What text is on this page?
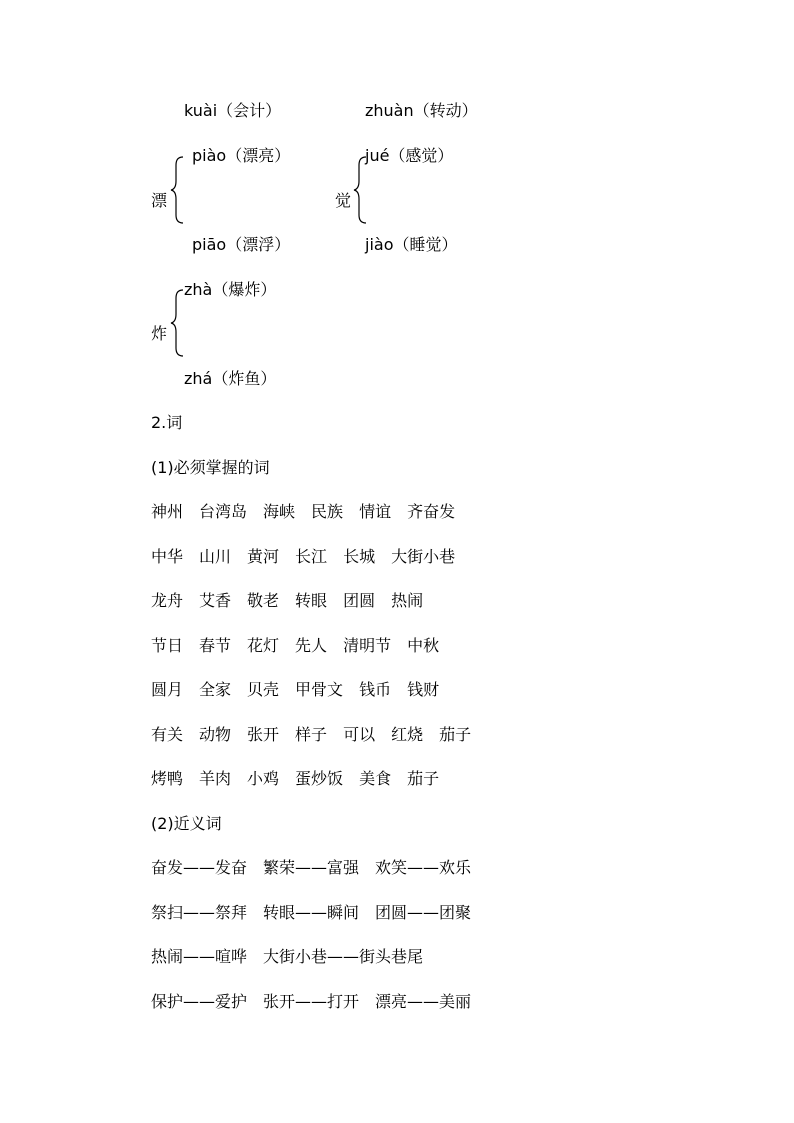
kuài（会计）	zhuàn（转动）
漂
piào（漂亮）
piāo（漂浮）
觉
jué（感觉）
jiào（睡觉）
炸
zhà（爆炸）
zhá（炸鱼）
2.词
(1)必须掌握的词
神州 台湾岛 海峡 民族 情谊 齐奋发
中华 山川 黄河 长江 长城 大街小巷
龙舟 艾香 敬老 转眼 团圆 热闹
节日 春节 花灯 先人 清明节 中秋
圆月 全家 贝壳 甲骨文 钱币 钱财
有关 动物 张开 样子 可以 红烧 茄子
烤鸭 羊肉 小鸡 蛋炒饭 美食 茄子
(2)近义词
奋发——发奋 繁荣——富强 欢笑——欢乐
祭扫——祭拜 转眼——瞬间 团圆——团聚
热闹——喧哗 大街小巷——街头巷尾
保护——爱护 张开——打开 漂亮——美丽
